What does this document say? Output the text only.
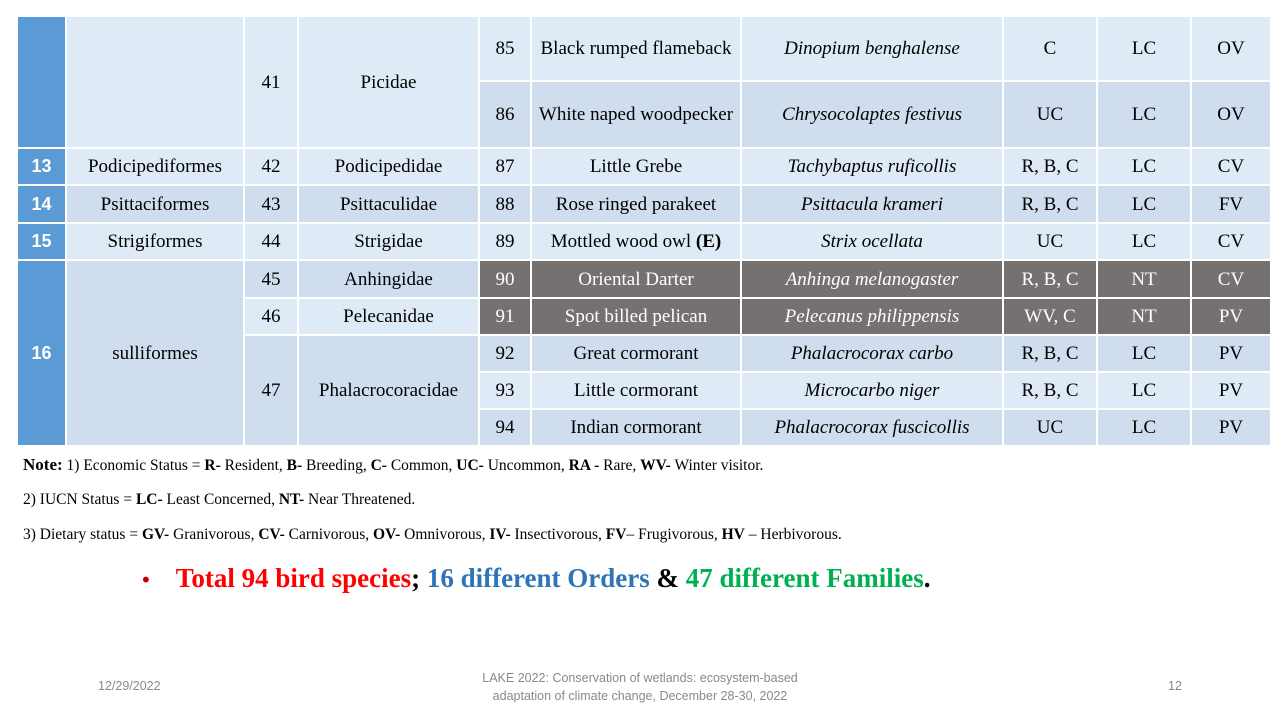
		41	Picidae	85	Black rumped flameback	Dinopium benghalense	C	LC	OV
				86	White naped woodpecker	Chrysocolaptes festivus	UC	LC	OV
13	Podicipediformes	42	Podicipedidae	87	Little Grebe	Tachybaptus ruficollis	R, B, C	LC	CV
14	Psittaciformes	43	Psittaculidae	88	Rose ringed parakeet	Psittacula krameri	R, B, C	LC	FV
15	Strigiformes	44	Strigidae	89	Mottled wood owl (E)	Strix ocellata	UC	LC	CV
16	sulliformes	45	Anhingidae	90	Oriental Darter	Anhinga melanogaster	R, B, C	NT	CV
		46	Pelecanidae	91	Spot billed pelican	Pelecanus philippensis	WV, C	NT	PV
		47	Phalacrocoracidae	92	Great cormorant	Phalacrocorax carbo	R, B, C	LC	PV
				93	Little cormorant	Microcarbo niger	R, B, C	LC	PV
				94	Indian cormorant	Phalacrocorax fuscicollis	UC	LC	PV
Note: 1) Economic Status = R- Resident, B- Breeding, C- Common, UC- Uncommon, RA - Rare, WV- Winter visitor.
2) IUCN Status = LC- Least Concerned, NT- Near Threatened.
3) Dietary status = GV- Granivorous, CV- Carnivorous, OV- Omnivorous, IV- Insectivorous, FV– Frugivorous, HV – Herbivorous.
• Total 94 bird species; 16 different Orders & 47 different Families.
12/29/2022
LAKE 2022: Conservation of wetlands: ecosystem-based
adaptation of climate change, December 28-30, 2022
12
